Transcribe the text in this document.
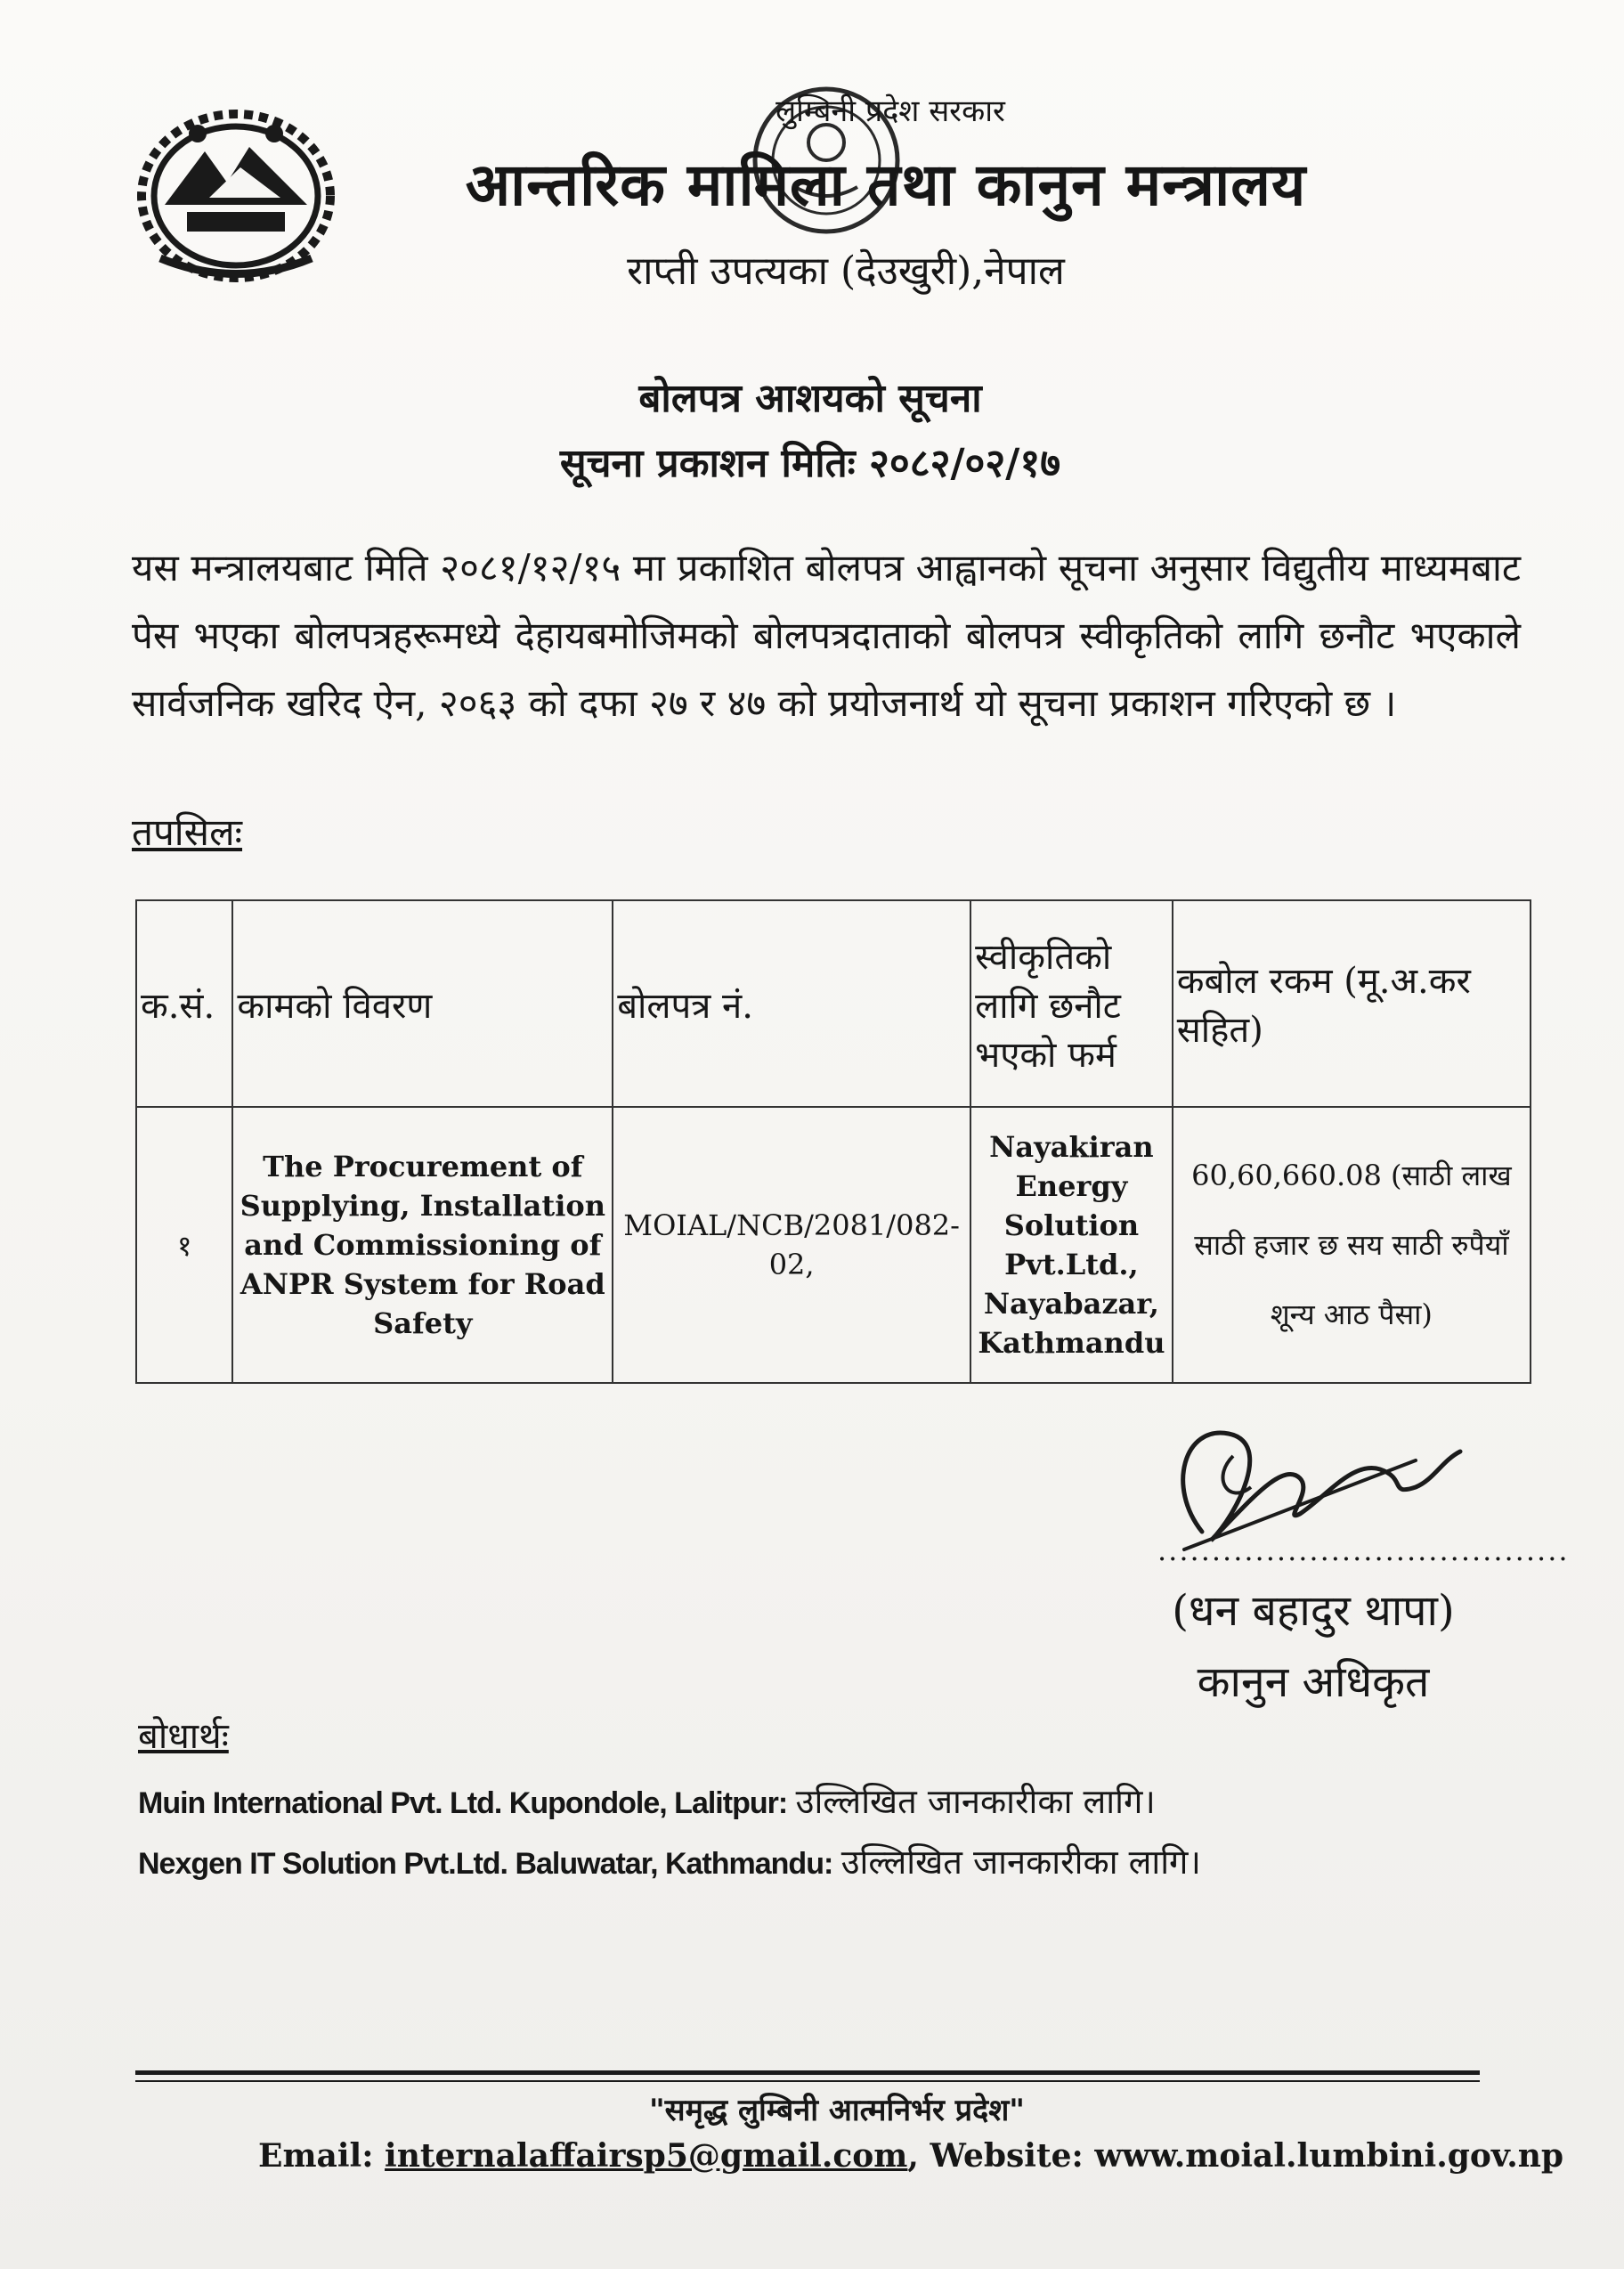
लुम्बिनी प्रदेश सरकार
आन्तरिक मामिला तथा कानुन मन्त्रालय
राप्ती उपत्यका (देउखुरी),नेपाल
बोलपत्र आशयको सूचना
सूचना प्रकाशन मितिः २०८२/०२/१७
यस मन्त्रालयबाट मिति २०८१/१२/१५ मा प्रकाशित बोलपत्र आह्वानको सूचना अनुसार विद्युतीय माध्यमबाट पेस भएका बोलपत्रहरूमध्ये देहायबमोजिमको बोलपत्रदाताको बोलपत्र स्वीकृतिको लागि छनौट भएकाले सार्वजनिक खरिद ऐन, २०६३ को दफा २७ र ४७ को प्रयोजनार्थ यो सूचना प्रकाशन गरिएको छ ।
तपसिलः
क.सं.	कामको विवरण	बोलपत्र नं.	स्वीकृतिको लागि छनौट भएको फर्म	कबोल रकम (मू.अ.कर सहित)
१	The Procurement of Supplying, Installation and Commissioning of ANPR System for Road Safety	MOIAL/NCB/2081/082-02,	Nayakiran Energy Solution Pvt.Ltd., Nayabazar, Kathmandu	60,60,660.08 (साठी लाख साठी हजार छ सय साठी रुपैयाँ शून्य आठ पैसा)
......................................
(धन बहादुर थापा)
कानुन अधिकृत
बोधार्थः
Muin International Pvt. Ltd. Kupondole, Lalitpur: उल्लिखित जानकारीका लागि।
Nexgen IT Solution Pvt.Ltd. Baluwatar, Kathmandu: उल्लिखित जानकारीका लागि।
"समृद्ध लुम्बिनी आत्मनिर्भर प्रदेश"
Email: internalaffairsp5@gmail.com, Website: www.moial.lumbini.gov.np
